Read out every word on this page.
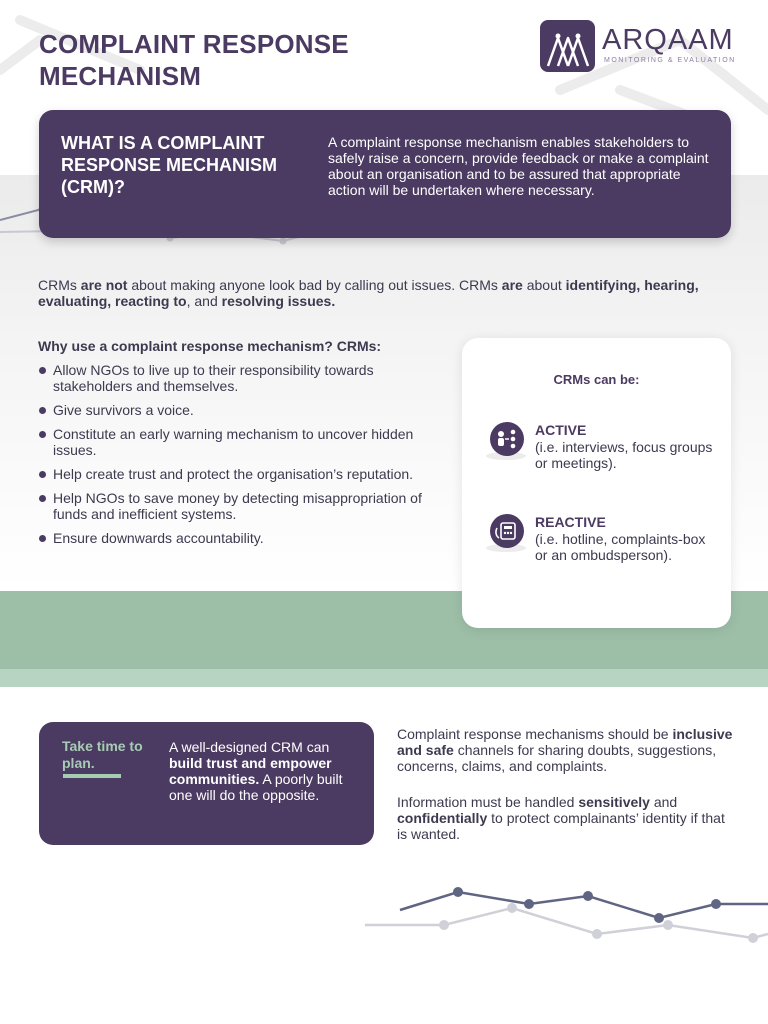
COMPLAINT RESPONSE MECHANISM
ARQAAM
MONITORING & EVALUATION
WHAT IS A COMPLAINT RESPONSE MECHANISM (CRM)?
A complaint response mechanism enables stakeholders to safely raise a concern, provide feedback or make a complaint about an organisation and to be assured that appropriate action will be undertaken where necessary.

CRMs are not about making anyone look bad by calling out issues. CRMs are about identifying, hearing, evaluating, reacting to, and resolving issues.

Why use a complaint response mechanism? CRMs:
Allow NGOs to live up to their responsibility towards stakeholders and themselves.
Give survivors a voice.
Constitute an early warning mechanism to uncover hidden issues.
Help create trust and protect the organisation’s reputation.
Help NGOs to save money by detecting misappropriation of funds and inefficient systems.
Ensure downwards accountability.
CRMs can be:
ACTIVE
(i.e. interviews, focus groups or meetings).
REACTIVE
(i.e. hotline, complaints-box or an ombudsperson).
Take time to plan.
A well-designed CRM can build trust and empower communities. A poorly built one will do the opposite.

Complaint response mechanisms should be inclusive and safe channels for sharing doubts, suggestions, concerns, claims, and complaints.

Information must be handled sensitively and confidentially to protect complainants’ identity if that is wanted.
